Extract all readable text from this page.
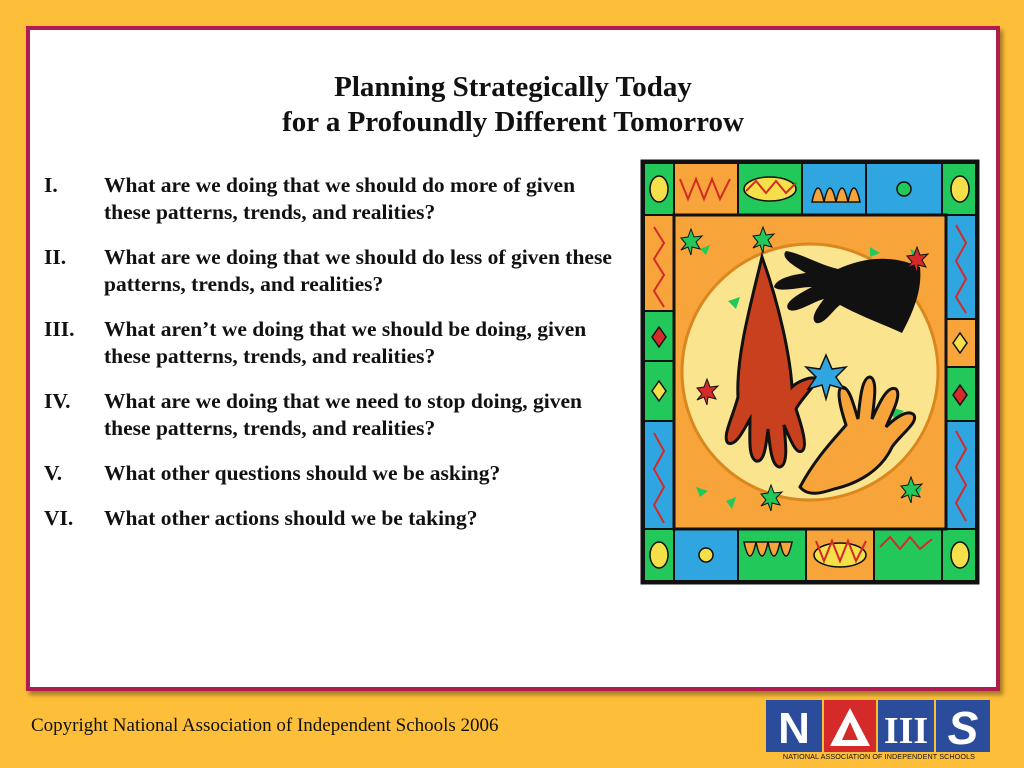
Planning Strategically Today
for a Profoundly Different Tomorrow
I.	What are we doing that we should do more of given these patterns, trends, and realities?
II.	What are we doing that we should do less of given these patterns, trends, and realities?
III.	What aren’t we doing that we should be doing, given these patterns, trends, and realities?
IV.	What are we doing that we need to stop doing, given these patterns, trends, and realities?
V.	What other questions should we be asking?
VI.	What other actions should we be taking?
Copyright National Association of Independent Schools 2006	N III S
NATIONAL ASSOCIATION OF INDEPENDENT SCHOOLS
